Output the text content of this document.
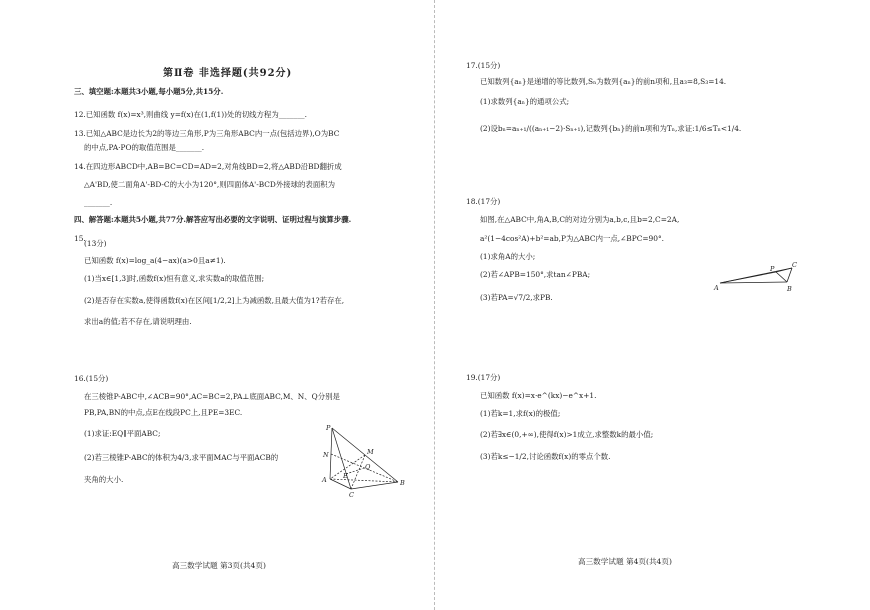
第Ⅱ卷 非选择题(共92分)
三、填空题:本题共3小题,每小题5分,共15分.
12.已知函数 f(x)=x³,则曲线 y=f(x)在(1,f(1))处的切线方程为_______.
13.已知△ABC是边长为2的等边三角形,P为三角形ABC内一点(包括边界),O为BC
的中点,PA·PO的取值范围是_______.
14.在四边形ABCD中,AB=BC=CD=AD=2,对角线BD=2,将△ABD沿BD翻折成
△A'BD,使二面角A'-BD-C的大小为120°,则四面体A'-BCD外接球的表面积为
_______.
四、解答题:本题共5小题,共77分.解答应写出必要的文字说明、证明过程与演算步骤.
15.
(13分)
已知函数 f(x)=log_a(4−ax)(a>0且a≠1).
(1)当x∈[1,3]时,函数f(x)恒有意义,求实数a的取值范围;
(2)是否存在实数a,使得函数f(x)在区间[1/2,2]上为减函数,且最大值为1?若存在,
求出a的值;若不存在,请说明理由.
16.(15分)
在三棱锥P-ABC中,∠ACB=90°,AC=BC=2,PA⊥底面ABC,M、N、Q分别是
PB,PA,BN的中点,点E在线段PC上,且PE=3EC.
(1)求证:EQ∥平面ABC;
(2)若三棱锥P-ABC的体积为4/3,求平面MAC与平面ACB的
夹角的大小.
P
M
N
Q
E
A	B
C
高三数学试题 第3页(共4页)
17.(15分)
已知数列{aₙ}是递增的等比数列,Sₙ为数列{aₙ}的前n项和,且a₃=8,S₃=14.
(1)求数列{aₙ}的通项公式;
(2)设bₙ=aₙ₊₁/((aₙ₊₁−2)·Sₙ₊₁),记数列{bₙ}的前n项和为Tₙ,求证:1/6≤Tₙ<1/4.
18.(17分)
如图,在△ABC中,角A,B,C的对边分别为a,b,c,且b=2,C=2A,
a²(1−4cos²A)+b²=ab,P为△ABC内一点,∠BPC=90°.
(1)求角A的大小;
(2)若∠APB=150°,求tan∠PBA;
(3)若PA=√7/2,求PB.
A	B
C
P
19.(17分)
已知函数 f(x)=x·e^(kx)−e^x+1.
(1)若k=1,求f(x)的极值;
(2)若∃x∈(0,+∞),使得f(x)>1成立,求整数k的最小值;
(3)若k≤−1/2,讨论函数f(x)的零点个数.
高三数学试题 第4页(共4页)
